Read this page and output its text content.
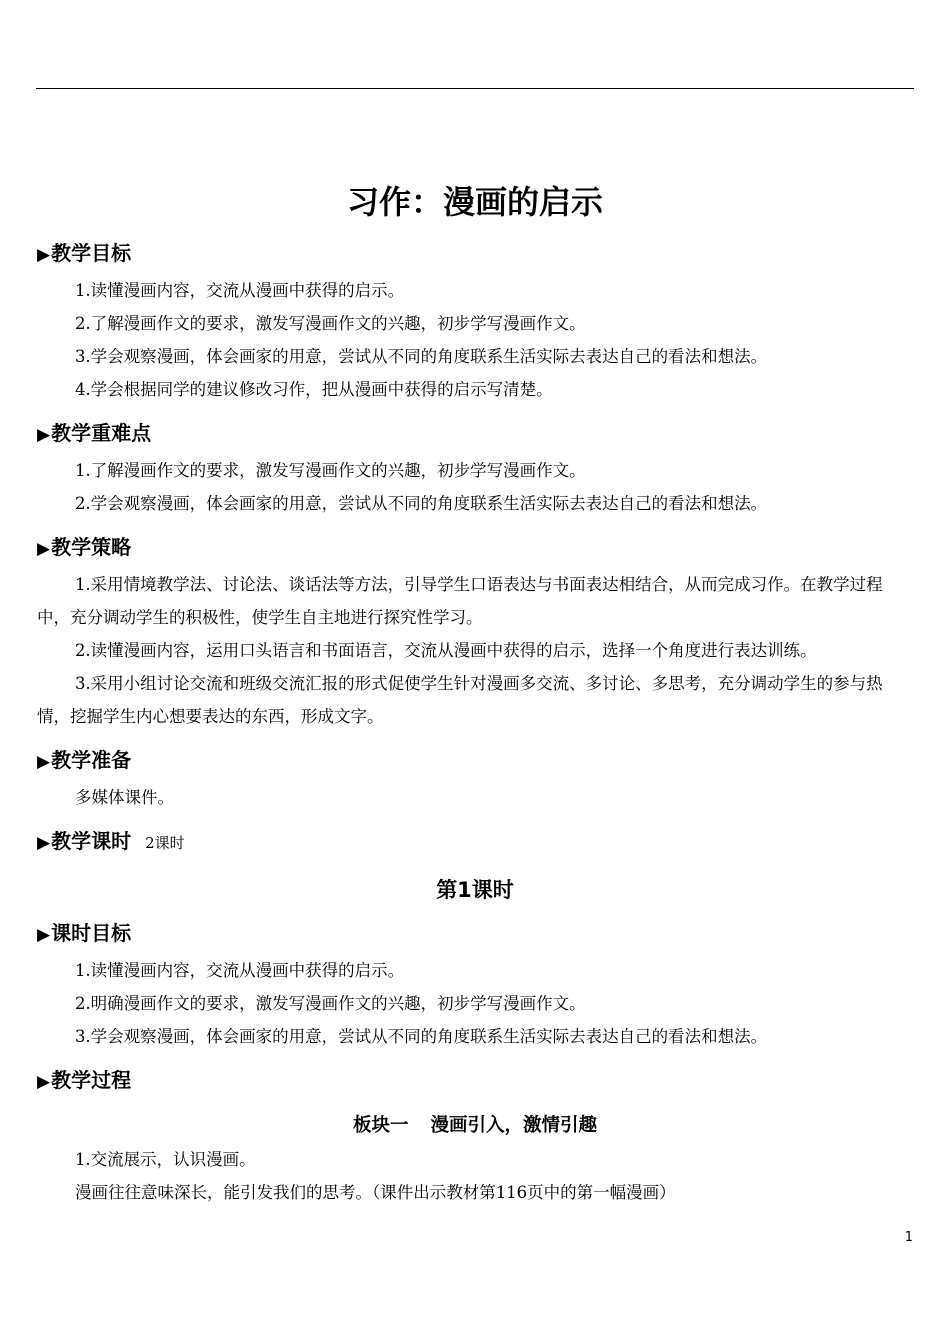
习作：漫画的启示
▶教学目标

1.读懂漫画内容，交流从漫画中获得的启示。

2.了解漫画作文的要求，激发写漫画作文的兴趣，初步学写漫画作文。

3.学会观察漫画，体会画家的用意，尝试从不同的角度联系生活实际去表达自己的看法和想法。

4.学会根据同学的建议修改习作，把从漫画中获得的启示写清楚。

▶教学重难点

1.了解漫画作文的要求，激发写漫画作文的兴趣，初步学写漫画作文。

2.学会观察漫画，体会画家的用意，尝试从不同的角度联系生活实际去表达自己的看法和想法。

▶教学策略

1.采用情境教学法、讨论法、谈话法等方法，引导学生口语表达与书面表达相结合，从而完成习作。在教学过程中，充分调动学生的积极性，使学生自主地进行探究性学习。

2.读懂漫画内容，运用口头语言和书面语言，交流从漫画中获得的启示，选择一个角度进行表达训练。

3.采用小组讨论交流和班级交流汇报的形式促使学生针对漫画多交流、多讨论、多思考，充分调动学生的参与热情，挖掘学生内心想要表达的东西，形成文字。

▶教学准备

多媒体课件。

▶教学课时 2课时
第1课时
▶课时目标

1.读懂漫画内容，交流从漫画中获得的启示。

2.明确漫画作文的要求，激发写漫画作文的兴趣，初步学写漫画作文。

3.学会观察漫画，体会画家的用意，尝试从不同的角度联系生活实际去表达自己的看法和想法。

▶教学过程
板块一 漫画引入，激情引趣

1.交流展示，认识漫画。

漫画往往意味深长，能引发我们的思考。（课件出示教材第116页中的第一幅漫画）

1
